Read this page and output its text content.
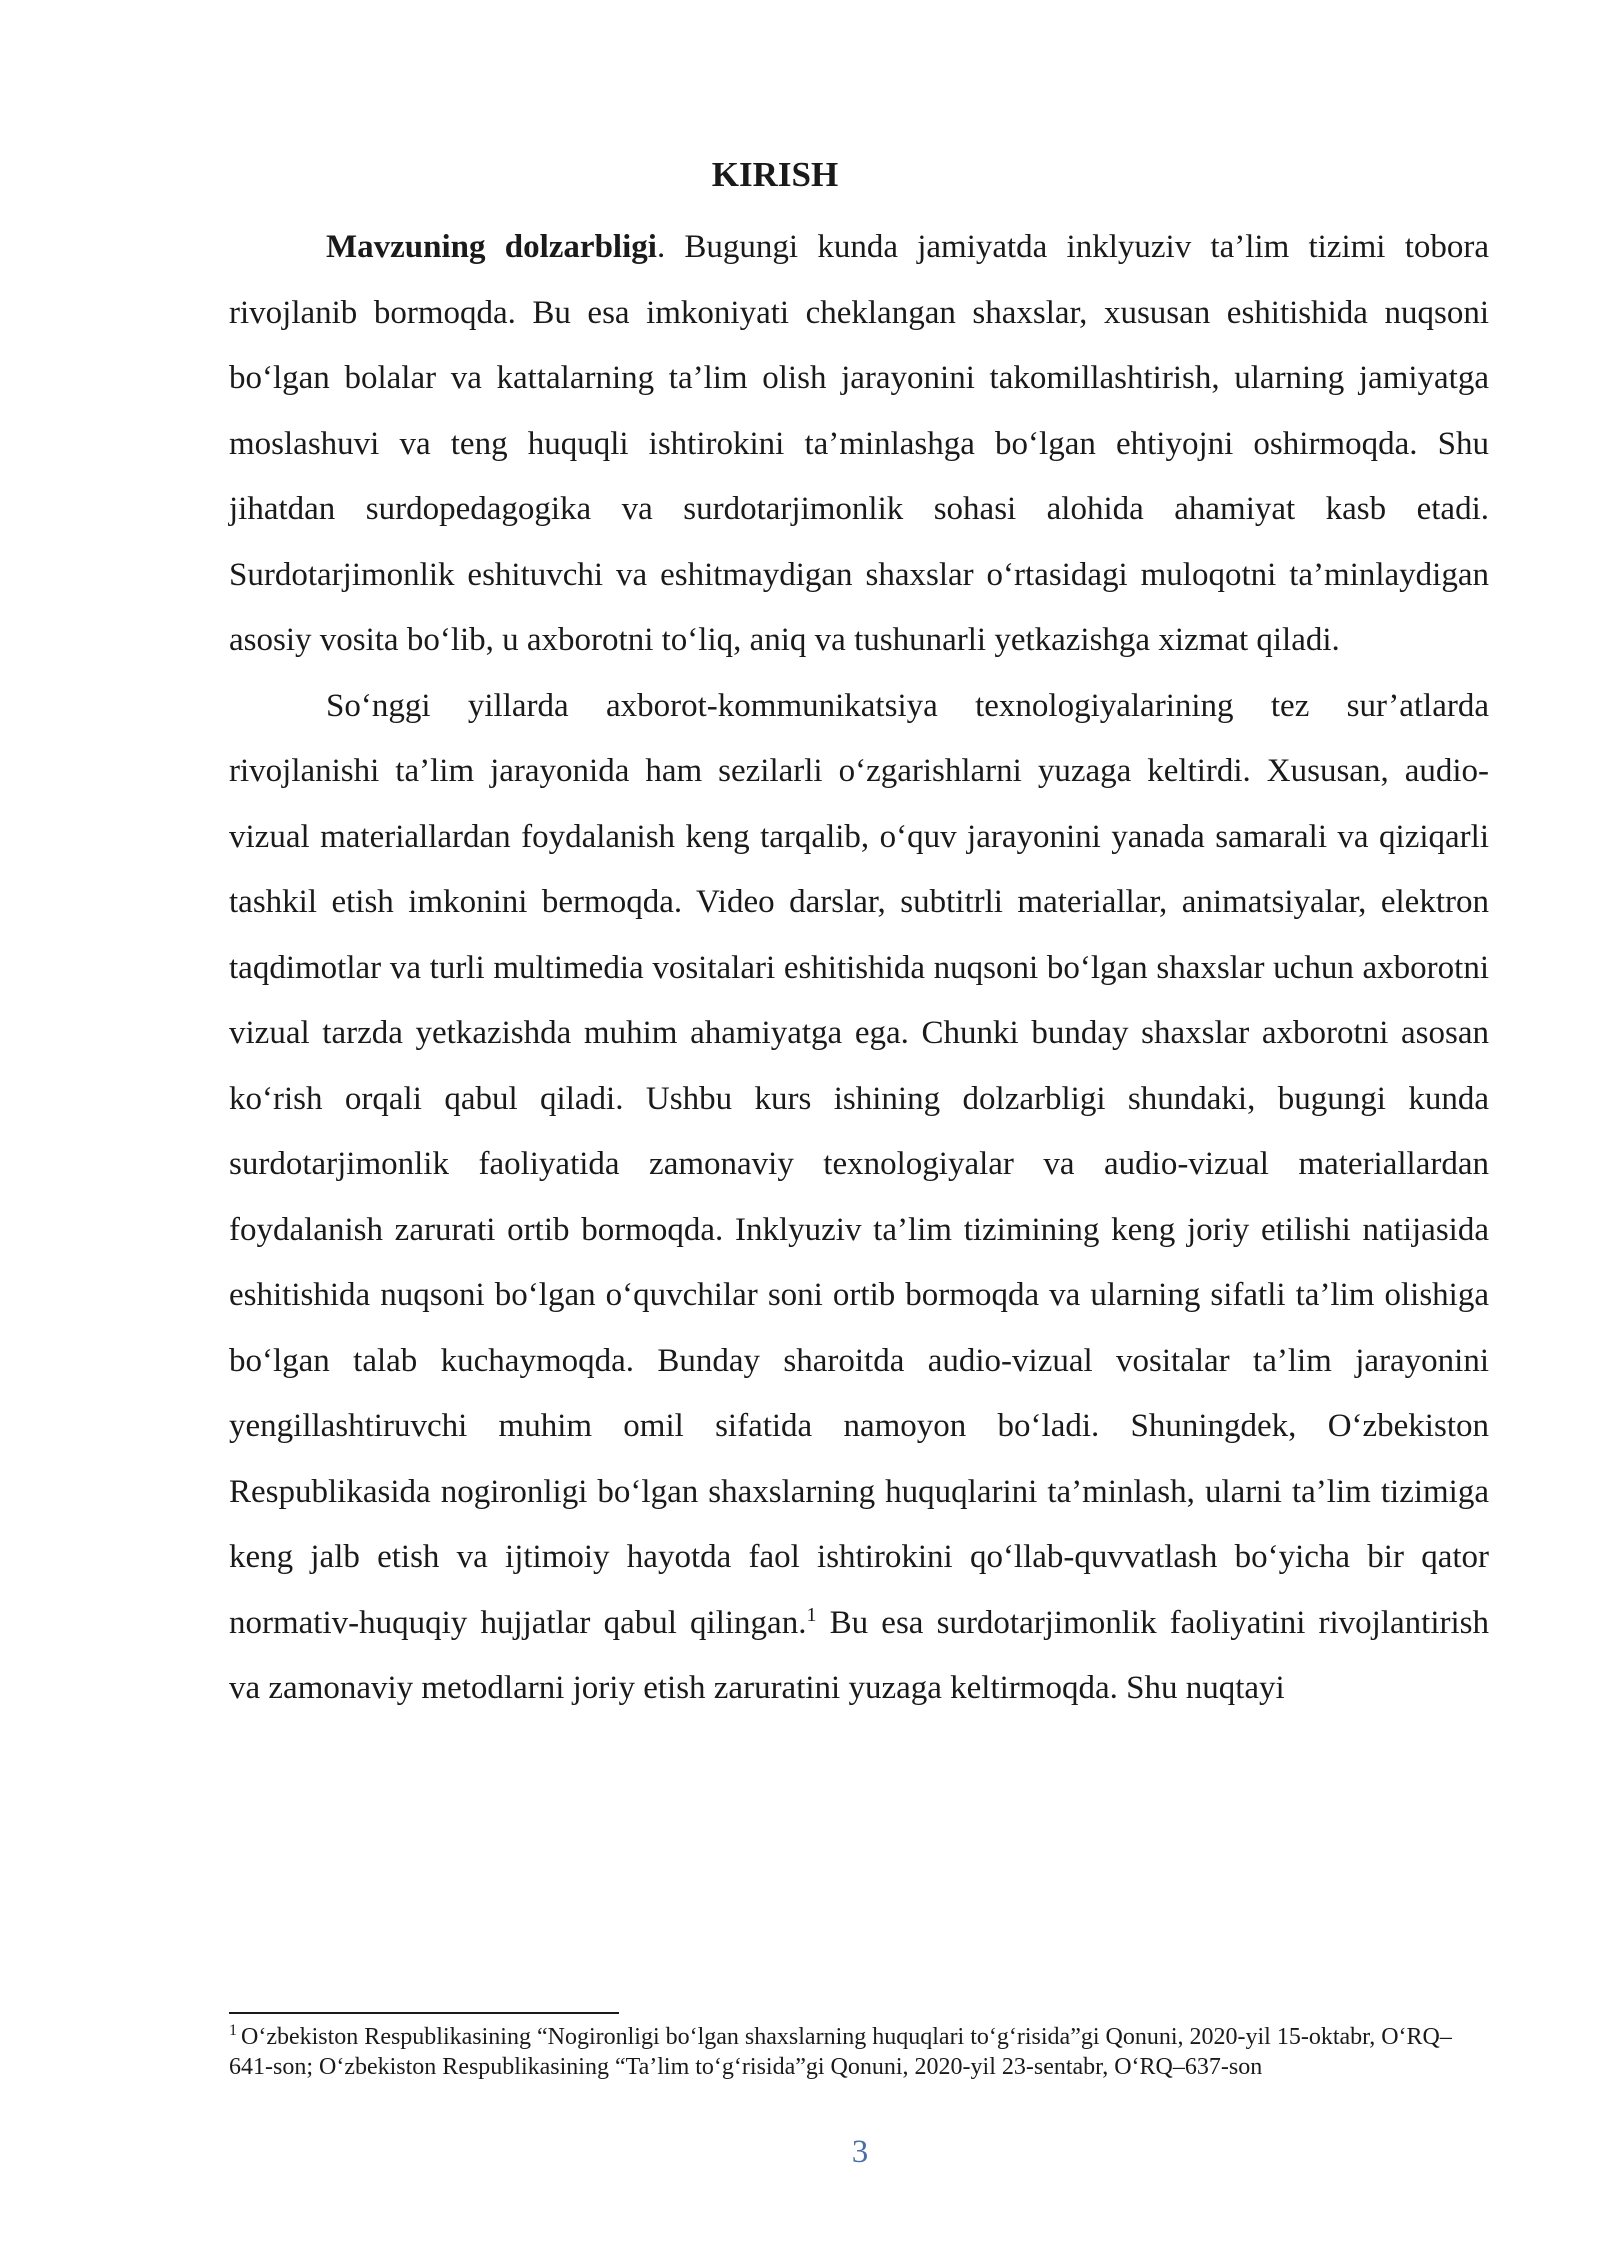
KIRISH

Mavzuning dolzarbligi. Bugungi kunda jamiyatda inklyuziv ta’lim tizimi tobora rivojlanib bormoqda. Bu esa imkoniyati cheklangan shaxslar, xususan eshitishida nuqsoni bo‘lgan bolalar va kattalarning ta’lim olish jarayonini takomillashtirish, ularning jamiyatga moslashuvi va teng huquqli ishtirokini ta’minlashga bo‘lgan ehtiyojni oshirmoqda. Shu jihatdan surdopedagogika va surdotarjimonlik sohasi alohida ahamiyat kasb etadi. Surdotarjimonlik eshituvchi va eshitmaydigan shaxslar o‘rtasidagi muloqotni ta’minlaydigan asosiy vosita bo‘lib, u axborotni to‘liq, aniq va tushunarli yetkazishga xizmat qiladi.

So‘nggi yillarda axborot-kommunikatsiya texnologiyalarining tez sur’atlarda rivojlanishi ta’lim jarayonida ham sezilarli o‘zgarishlarni yuzaga keltirdi. Xususan, audio-vizual materiallardan foydalanish keng tarqalib, o‘quv jarayonini yanada samarali va qiziqarli tashkil etish imkonini bermoqda. Video darslar, subtitrli materiallar, animatsiyalar, elektron taqdimotlar va turli multimedia vositalari eshitishida nuqsoni bo‘lgan shaxslar uchun axborotni vizual tarzda yetkazishda muhim ahamiyatga ega. Chunki bunday shaxslar axborotni asosan ko‘rish orqali qabul qiladi. Ushbu kurs ishining dolzarbligi shundaki, bugungi kunda surdotarjimonlik faoliyatida zamonaviy texnologiyalar va audio-vizual materiallardan foydalanish zarurati ortib bormoqda. Inklyuziv ta’lim tizimining keng joriy etilishi natijasida eshitishida nuqsoni bo‘lgan o‘quvchilar soni ortib bormoqda va ularning sifatli ta’lim olishiga bo‘lgan talab kuchaymoqda. Bunday sharoitda audio-vizual vositalar ta’lim jarayonini yengillashtiruvchi muhim omil sifatida namoyon bo‘ladi. Shuningdek, O‘zbekiston Respublikasida nogironligi bo‘lgan shaxslarning huquqlarini ta’minlash, ularni ta’lim tizimiga keng jalb etish va ijtimoiy hayotda faol ishtirokini qo‘llab-quvvatlash bo‘yicha bir qator normativ-huquqiy hujjatlar qabul qilingan.$^1$ Bu esa surdotarjimonlik faoliyatini rivojlantirish va zamonaviy metodlarni joriy etish zaruratini yuzaga keltirmoqda. Shu nuqtayi

$^1$ O‘zbekiston Respublikasining “Nogironligi bo‘lgan shaxslarning huquqlari to‘g‘risida”gi Qonuni, 2020-yil 15-oktabr, O‘RQ–641-son; O‘zbekiston Respublikasining “Ta’lim to‘g‘risida”gi Qonuni, 2020-yil 23-sentabr, O‘RQ–637-son

3
